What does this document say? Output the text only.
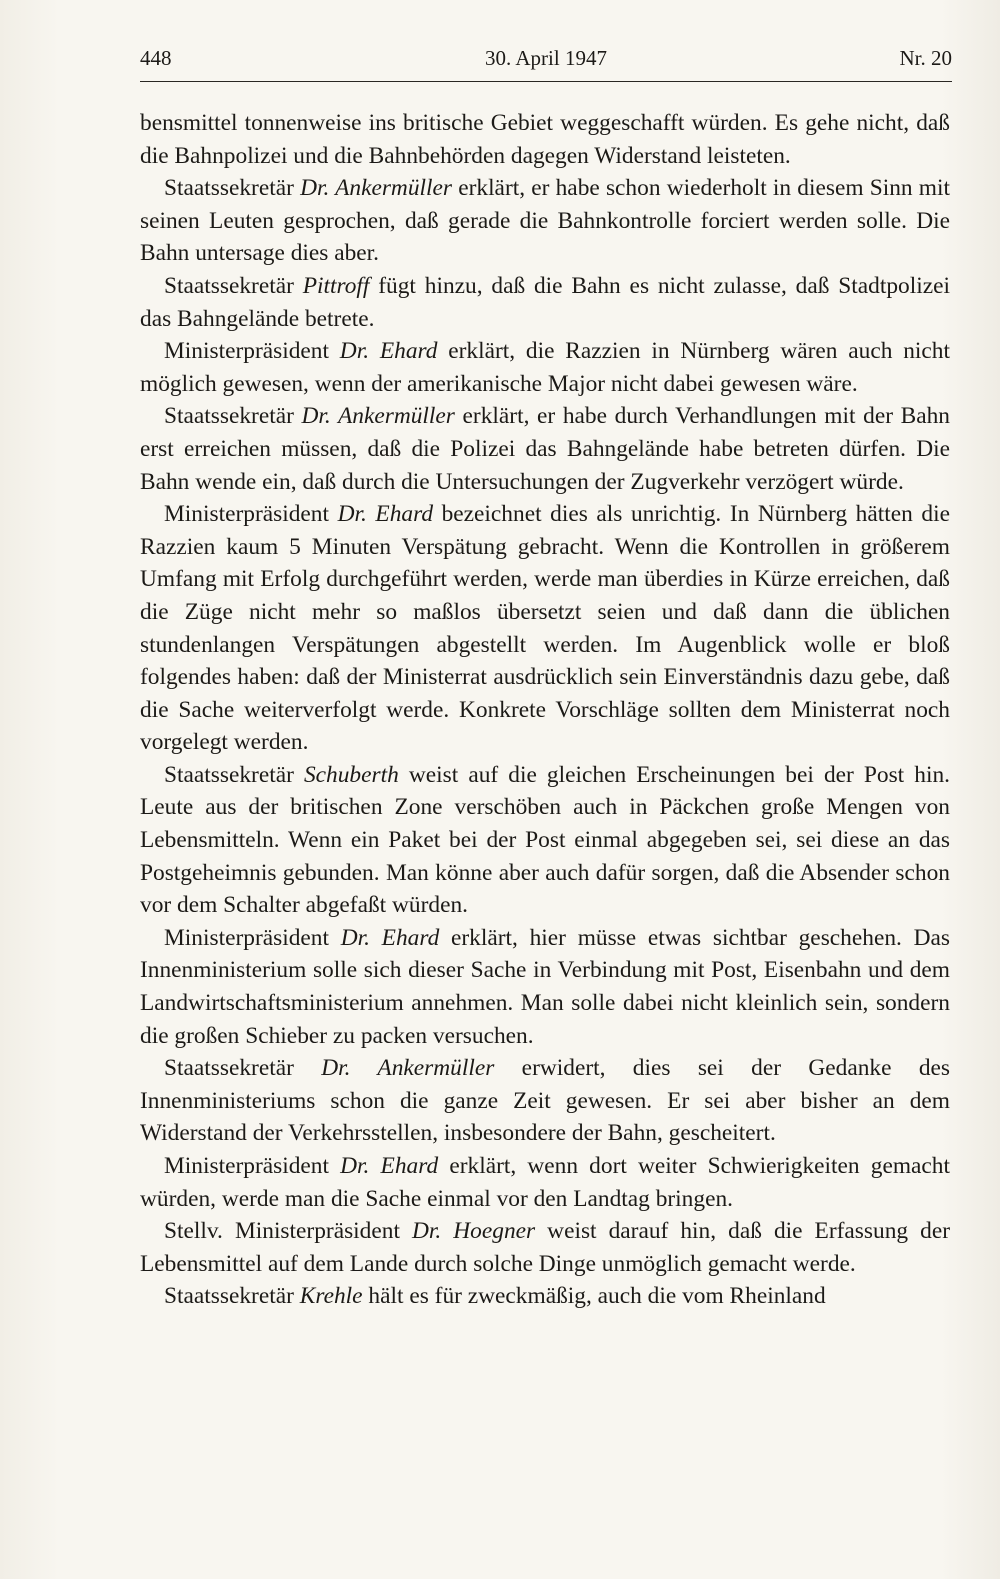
448	30. April 1947	Nr. 20

bensmittel tonnenweise ins britische Gebiet weggeschafft würden. Es gehe nicht, daß die Bahnpolizei und die Bahnbehörden dagegen Widerstand leisteten.

Staatssekretär Dr. Ankermüller erklärt, er habe schon wiederholt in diesem Sinn mit seinen Leuten gesprochen, daß gerade die Bahnkontrolle forciert werden solle. Die Bahn untersage dies aber.

Staatssekretär Pittroff fügt hinzu, daß die Bahn es nicht zulasse, daß Stadtpolizei das Bahngelände betrete.

Ministerpräsident Dr. Ehard erklärt, die Razzien in Nürnberg wären auch nicht möglich gewesen, wenn der amerikanische Major nicht dabei gewesen wäre.

Staatssekretär Dr. Ankermüller erklärt, er habe durch Verhandlungen mit der Bahn erst erreichen müssen, daß die Polizei das Bahngelände habe betreten dürfen. Die Bahn wende ein, daß durch die Untersuchungen der Zugverkehr verzögert würde.

Ministerpräsident Dr. Ehard bezeichnet dies als unrichtig. In Nürnberg hätten die Razzien kaum 5 Minuten Verspätung gebracht. Wenn die Kontrollen in größerem Umfang mit Erfolg durchgeführt werden, werde man überdies in Kürze erreichen, daß die Züge nicht mehr so maßlos übersetzt seien und daß dann die üblichen stundenlangen Verspätungen abgestellt werden. Im Augenblick wolle er bloß folgendes haben: daß der Ministerrat ausdrücklich sein Einverständnis dazu gebe, daß die Sache weiterverfolgt werde. Konkrete Vorschläge sollten dem Ministerrat noch vorgelegt werden.

Staatssekretär Schuberth weist auf die gleichen Erscheinungen bei der Post hin. Leute aus der britischen Zone verschöben auch in Päckchen große Mengen von Lebensmitteln. Wenn ein Paket bei der Post einmal abgegeben sei, sei diese an das Postgeheimnis gebunden. Man könne aber auch dafür sorgen, daß die Absender schon vor dem Schalter abgefaßt würden.

Ministerpräsident Dr. Ehard erklärt, hier müsse etwas sichtbar geschehen. Das Innenministerium solle sich dieser Sache in Verbindung mit Post, Eisenbahn und dem Landwirtschaftsministerium annehmen. Man solle dabei nicht kleinlich sein, sondern die großen Schieber zu packen versuchen.

Staatssekretär Dr. Ankermüller erwidert, dies sei der Gedanke des Innenministeriums schon die ganze Zeit gewesen. Er sei aber bisher an dem Widerstand der Verkehrsstellen, insbesondere der Bahn, gescheitert.

Ministerpräsident Dr. Ehard erklärt, wenn dort weiter Schwierigkeiten gemacht würden, werde man die Sache einmal vor den Landtag bringen.

Stellv. Ministerpräsident Dr. Hoegner weist darauf hin, daß die Erfassung der Lebensmittel auf dem Lande durch solche Dinge unmöglich gemacht werde.

Staatssekretär Krehle hält es für zweckmäßig, auch die vom Rheinland
